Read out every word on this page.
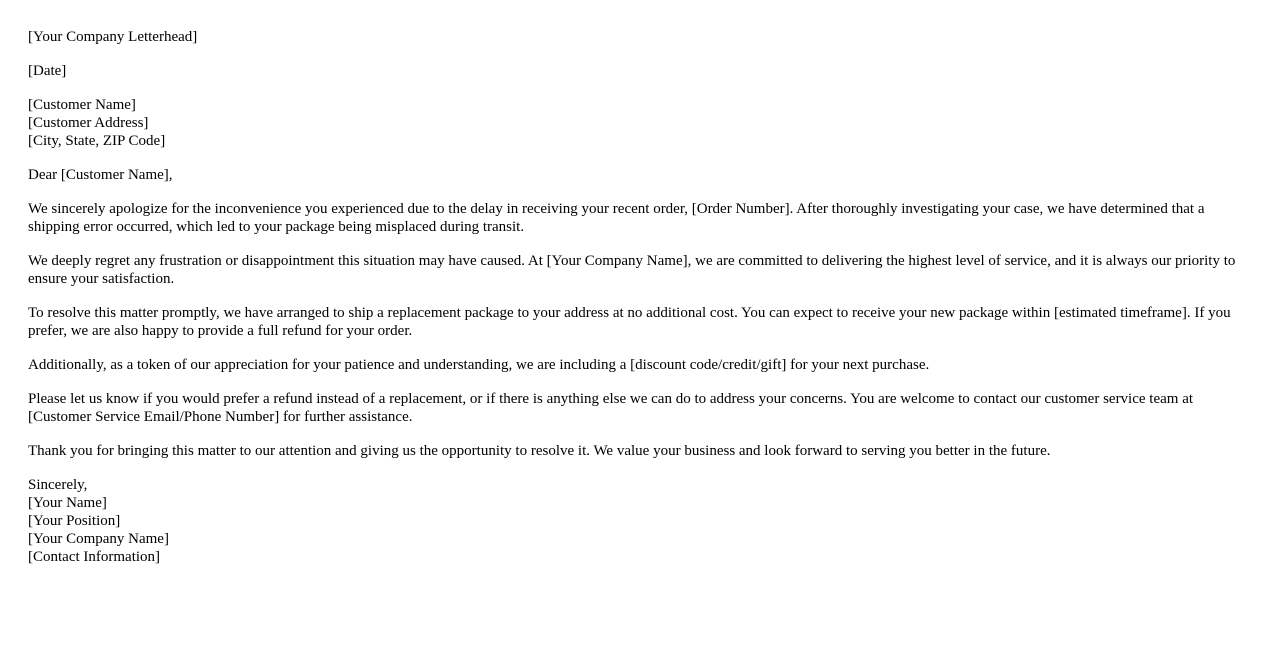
[Your Company Letterhead]
[Date]
[Customer Name]
[Customer Address]
[City, State, ZIP Code]
Dear [Customer Name],

We sincerely apologize for the inconvenience you experienced due to the delay in receiving your recent order, [Order Number]. After thoroughly investigating your case, we have determined that a shipping error occurred, which led to your package being misplaced during transit.

We deeply regret any frustration or disappointment this situation may have caused. At [Your Company Name], we are committed to delivering the highest level of service, and it is always our priority to ensure your satisfaction.

To resolve this matter promptly, we have arranged to ship a replacement package to your address at no additional cost. You can expect to receive your new package within [estimated timeframe]. If you prefer, we are also happy to provide a full refund for your order.

Additionally, as a token of our appreciation for your patience and understanding, we are including a [discount code/credit/gift] for your next purchase.

Please let us know if you would prefer a refund instead of a replacement, or if there is anything else we can do to address your concerns. You are welcome to contact our customer service team at [Customer Service Email/Phone Number] for further assistance.

Thank you for bringing this matter to our attention and giving us the opportunity to resolve it. We value your business and look forward to serving you better in the future.

Sincerely,
[Your Name]
[Your Position]
[Your Company Name]
[Contact Information]
